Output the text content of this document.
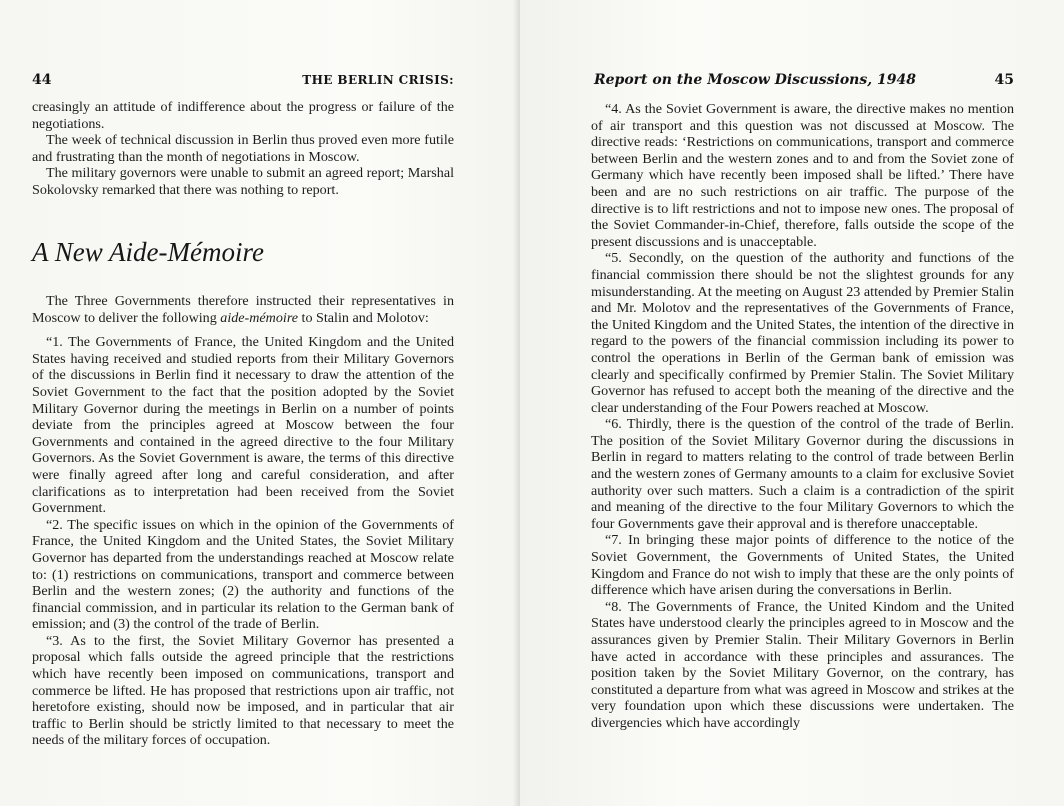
44	THE BERLIN CRISIS:

creasingly an attitude of indifference about the progress or failure of the negotiations.

The week of technical discussion in Berlin thus proved even more futile and frustrating than the month of negotiations in Moscow.

The military governors were unable to submit an agreed report; Marshal Sokolovsky remarked that there was nothing to report.

A New Aide-Mémoire

The Three Governments therefore instructed their representatives in Moscow to deliver the following aide-mémoire to Stalin and Molotov:

“1. The Governments of France, the United Kingdom and the United States having received and studied reports from their Military Governors of the discussions in Berlin find it necessary to draw the attention of the Soviet Government to the fact that the position adopted by the Soviet Military Governor during the meetings in Berlin on a number of points deviate from the principles agreed at Moscow between the four Governments and contained in the agreed directive to the four Military Governors. As the Soviet Government is aware, the terms of this directive were finally agreed after long and careful consideration, and after clarifications as to interpretation had been received from the Soviet Government.

“2. The specific issues on which in the opinion of the Governments of France, the United Kingdom and the United States, the Soviet Military Governor has departed from the understandings reached at Moscow relate to: (1) restrictions on communications, transport and commerce between Berlin and the western zones; (2) the authority and functions of the financial commission, and in particular its relation to the German bank of emission; and (3) the control of the trade of Berlin.

“3. As to the first, the Soviet Military Governor has presented a proposal which falls outside the agreed principle that the restrictions which have recently been imposed on communications, transport and commerce be lifted. He has proposed that restrictions upon air traffic, not heretofore existing, should now be imposed, and in particular that air traffic to Berlin should be strictly limited to that necessary to meet the needs of the military forces of occupation.

Report on the Moscow Discussions, 1948	45

“4. As the Soviet Government is aware, the directive makes no mention of air transport and this question was not discussed at Moscow. The directive reads: ‘Restrictions on communications, transport and commerce between Berlin and the western zones and to and from the Soviet zone of Germany which have recently been imposed shall be lifted.’ There have been and are no such restrictions on air traffic. The purpose of the directive is to lift restrictions and not to impose new ones. The proposal of the Soviet Commander-in-Chief, therefore, falls outside the scope of the present discussions and is unacceptable.

“5. Secondly, on the question of the authority and functions of the financial commission there should be not the slightest grounds for any misunderstanding. At the meeting on August 23 attended by Premier Stalin and Mr. Molotov and the representatives of the Governments of France, the United Kingdom and the United States, the intention of the directive in regard to the powers of the financial commission including its power to control the operations in Berlin of the German bank of emission was clearly and specifically confirmed by Premier Stalin. The Soviet Military Governor has refused to accept both the meaning of the directive and the clear understanding of the Four Powers reached at Moscow.

“6. Thirdly, there is the question of the control of the trade of Berlin. The position of the Soviet Military Governor during the discussions in Berlin in regard to matters relating to the control of trade between Berlin and the western zones of Germany amounts to a claim for exclusive Soviet authority over such matters. Such a claim is a contradiction of the spirit and meaning of the directive to the four Military Governors to which the four Governments gave their approval and is therefore unacceptable.

“7. In bringing these major points of difference to the notice of the Soviet Government, the Governments of United States, the United Kingdom and France do not wish to imply that these are the only points of difference which have arisen during the conversations in Berlin.

“8. The Governments of France, the United Kindom and the United States have understood clearly the principles agreed to in Moscow and the assurances given by Premier Stalin. Their Military Governors in Berlin have acted in accordance with these principles and assurances. The position taken by the Soviet Military Governor, on the contrary, has constituted a departure from what was agreed in Moscow and strikes at the very foundation upon which these discussions were undertaken. The divergencies which have accordingly
